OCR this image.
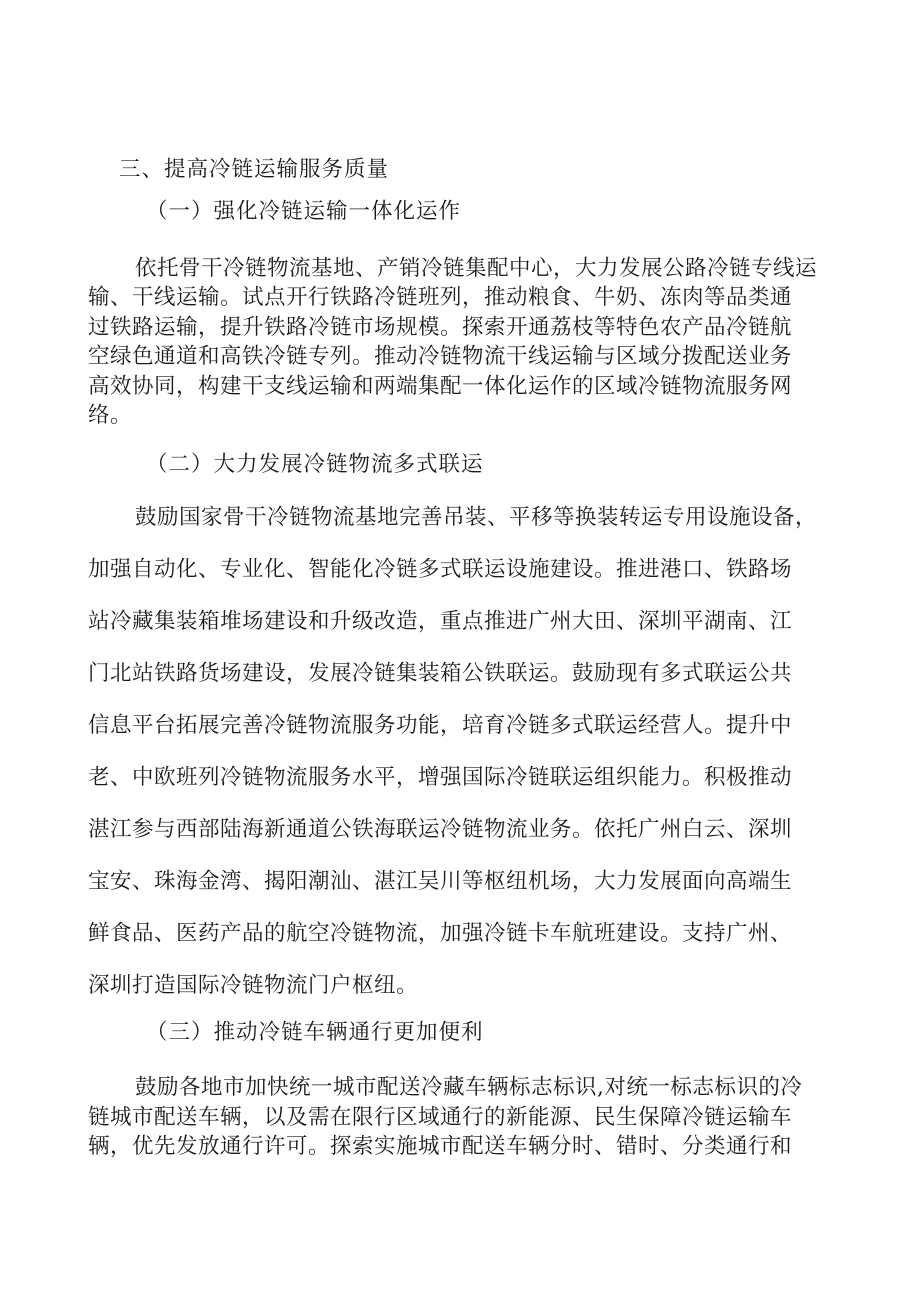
三、提高冷链运输服务质量
（一）强化冷链运输一体化运作
依托骨干冷链物流基地、产销冷链集配中心，大力发展公路冷链专线运
输、干线运输。试点开行铁路冷链班列，推动粮食、牛奶、冻肉等品类通
过铁路运输，提升铁路冷链市场规模。探索开通荔枝等特色农产品冷链航
空绿色通道和高铁冷链专列。推动冷链物流干线运输与区域分拨配送业务
高效协同，构建干支线运输和两端集配一体化运作的区域冷链物流服务网
络。
（二）大力发展冷链物流多式联运
鼓励国家骨干冷链物流基地完善吊装、平移等换装转运专用设施设备，
加强自动化、专业化、智能化冷链多式联运设施建设。推进港口、铁路场
站冷藏集装箱堆场建设和升级改造，重点推进广州大田、深圳平湖南、江
门北站铁路货场建设，发展冷链集装箱公铁联运。鼓励现有多式联运公共
信息平台拓展完善冷链物流服务功能，培育冷链多式联运经营人。提升中
老、中欧班列冷链物流服务水平，增强国际冷链联运组织能力。积极推动
湛江参与西部陆海新通道公铁海联运冷链物流业务。依托广州白云、深圳
宝安、珠海金湾、揭阳潮汕、湛江吴川等枢纽机场，大力发展面向高端生
鲜食品、医药产品的航空冷链物流，加强冷链卡车航班建设。支持广州、
深圳打造国际冷链物流门户枢纽。
（三）推动冷链车辆通行更加便利
鼓励各地市加快统一城市配送冷藏车辆标志标识,对统一标志标识的冷
链城市配送车辆，以及需在限行区域通行的新能源、民生保障冷链运输车
辆，优先发放通行许可。探索实施城市配送车辆分时、错时、分类通行和
